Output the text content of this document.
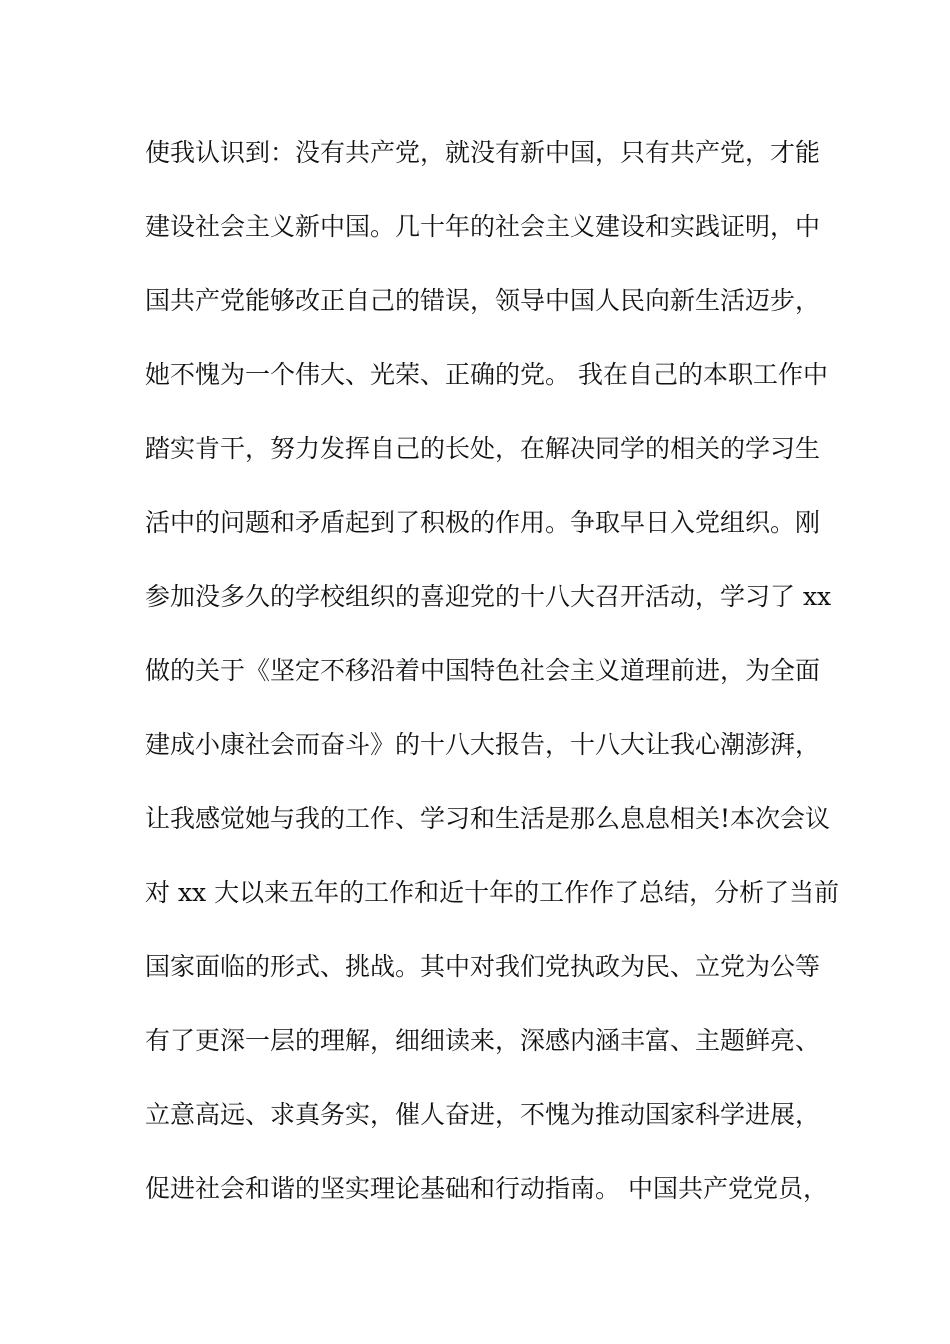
使我认识到：没有共产党，就没有新中国，只有共产党，才能
建设社会主义新中国。几十年的社会主义建设和实践证明，中
国共产党能够改正自己的错误，领导中国人民向新生活迈步，
她不愧为一个伟大、光荣、正确的党。 我在自己的本职工作中
踏实肯干，努力发挥自己的长处，在解决同学的相关的学习生
活中的问题和矛盾起到了积极的作用。争取早日入党组织。刚
参加没多久的学校组织的喜迎党的十八大召开活动，学习了 xx
做的关于《坚定不移沿着中国特色社会主义道理前进，为全面
建成小康社会而奋斗》的十八大报告，十八大让我心潮澎湃，
让我感觉她与我的工作、学习和生活是那么息息相关!本次会议
对 xx 大以来五年的工作和近十年的工作作了总结，分析了当前
国家面临的形式、挑战。其中对我们党执政为民、立党为公等
有了更深一层的理解，细细读来，深感内涵丰富、主题鲜亮、
立意高远、求真务实，催人奋进，不愧为推动国家科学进展，
促进社会和谐的坚实理论基础和行动指南。 中国共产党党员，
